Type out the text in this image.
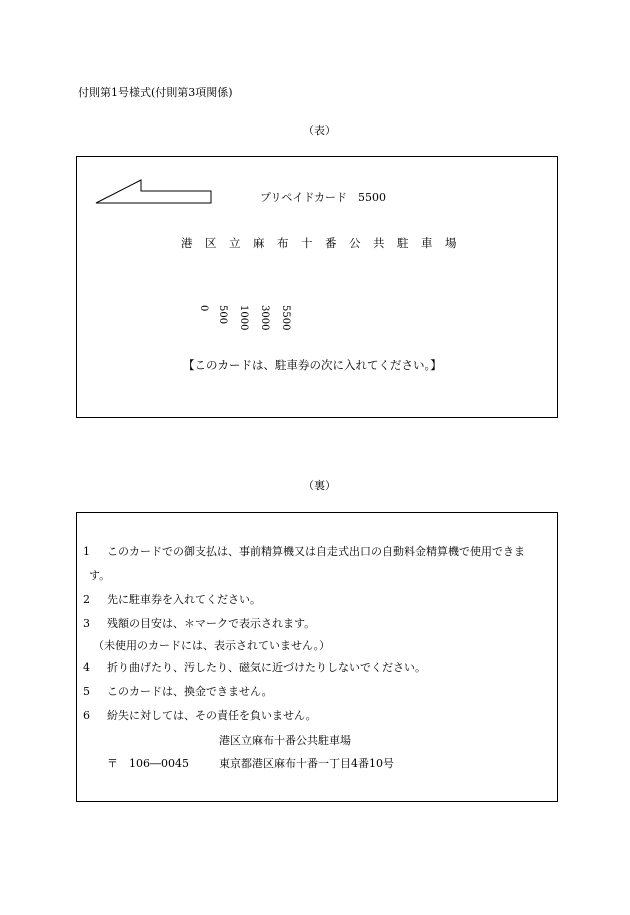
付則第1号様式(付則第3項関係)
（表）
プリペイドカード　5500
港区立麻布十番公共駐車場
0 500 1000 3000 5500
【このカードは、駐車券の次に入れてください。】
（裏）
1 このカードでの御支払は、事前精算機又は自走式出口の自動料金精算機で使用できま
す。
2 先に駐車券を入れてください。
3 残額の目安は、＊マークで表示されます。
（未使用のカードには、表示されていません。）
4 折り曲げたり、汚したり、磁気に近づけたりしないでください。
5 このカードは、換金できません。
6 紛失に対しては、その責任を負いません。
港区立麻布十番公共駐車場
〒 106―0045	東京都港区麻布十番一丁目4番10号
